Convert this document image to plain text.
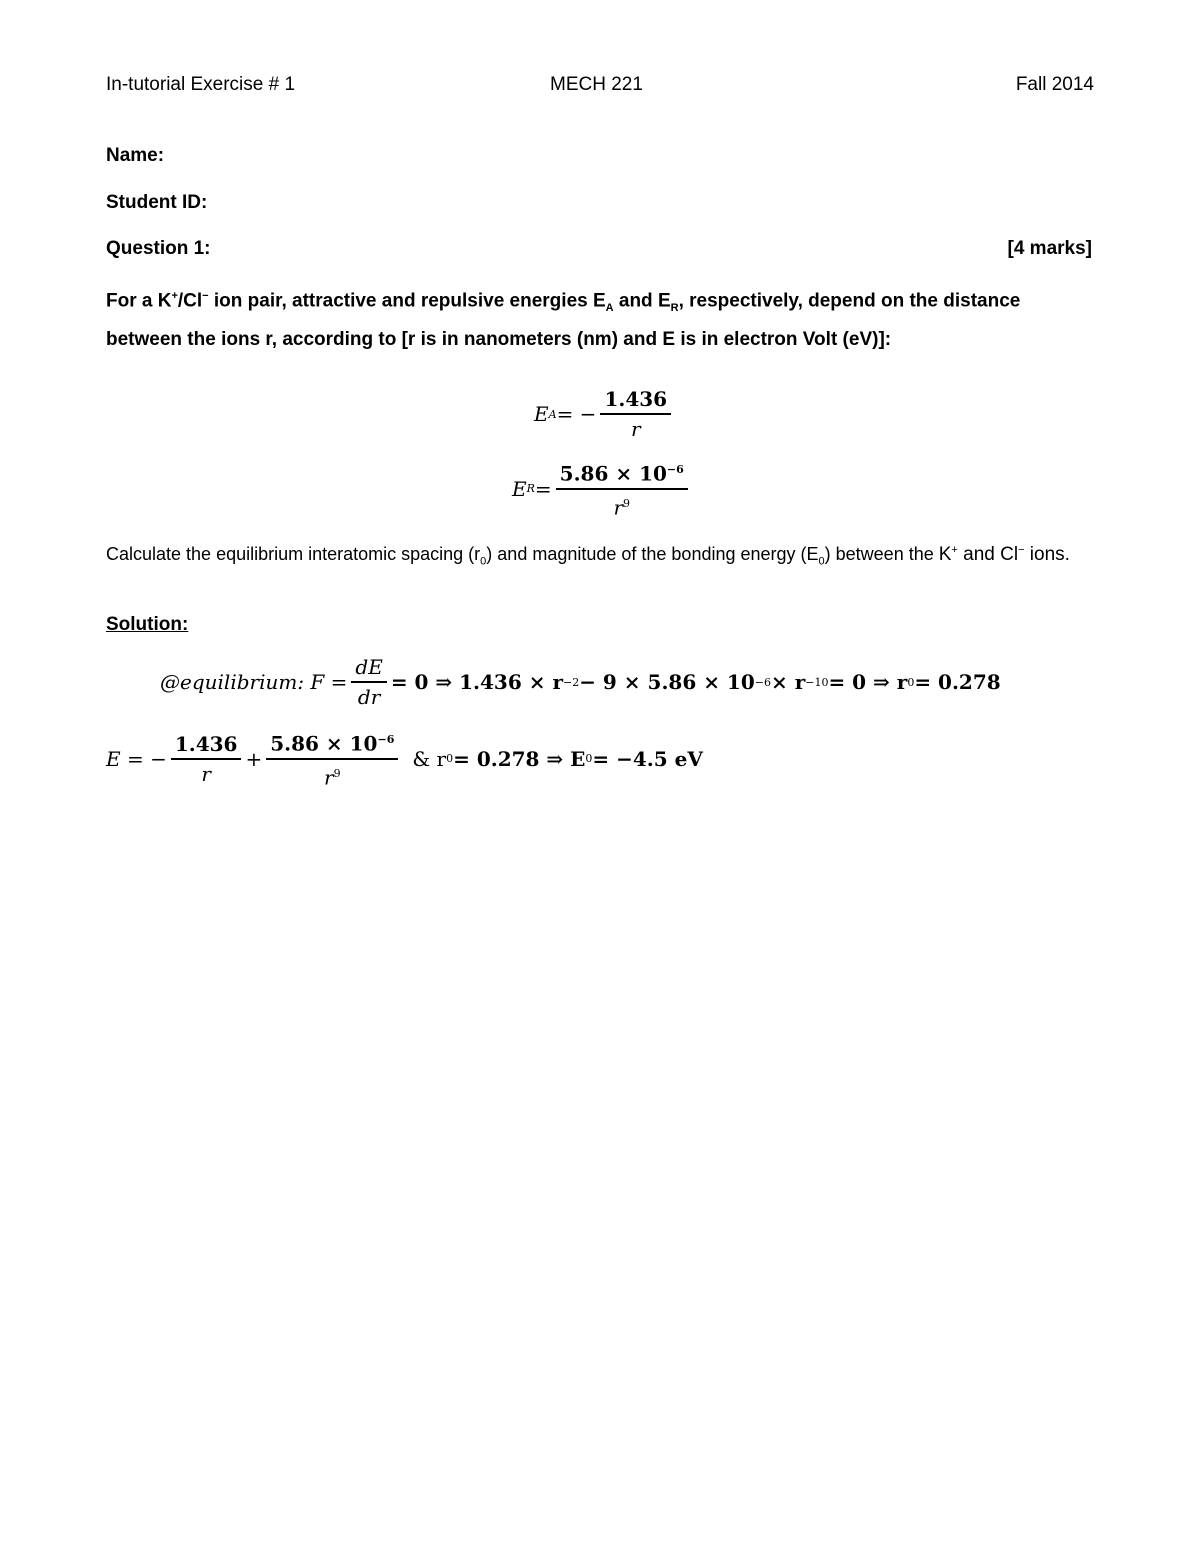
In-tutorial Exercise # 1	MECH 221	Fall 2014
Name:
Student ID:
Question 1:	[4 marks]
For a K+/Cl− ion pair, attractive and repulsive energies $E_A$ and $E_R$, respectively, depend on the distance between the ions r, according to [r is in nanometers (nm) and E is in electron Volt (eV)]:
E A = − $\frac{1.436}{r}$
E $R = \frac{5.86 \times 10^{-6}}{r^9}$
Calculate the equilibrium interatomic spacing $(r_0)$ and magnitude of the bonding energy $(E_0)$ between the K+ and Cl− ions.
Solution:
@equilibrium: $F = \frac{dE}{dr} = 0$ ⇒ 1.436 × r −2 − 9 × 5.86 × 10 −6 × r −10 = 0 ⇒ r 0 = 0.278
E = − $\frac{1.436}{r} + \frac{5.86 \times 10^{-6}}{r^9}$ & r 0 = 0.278 ⇒ E 0 = −4.5 eV
